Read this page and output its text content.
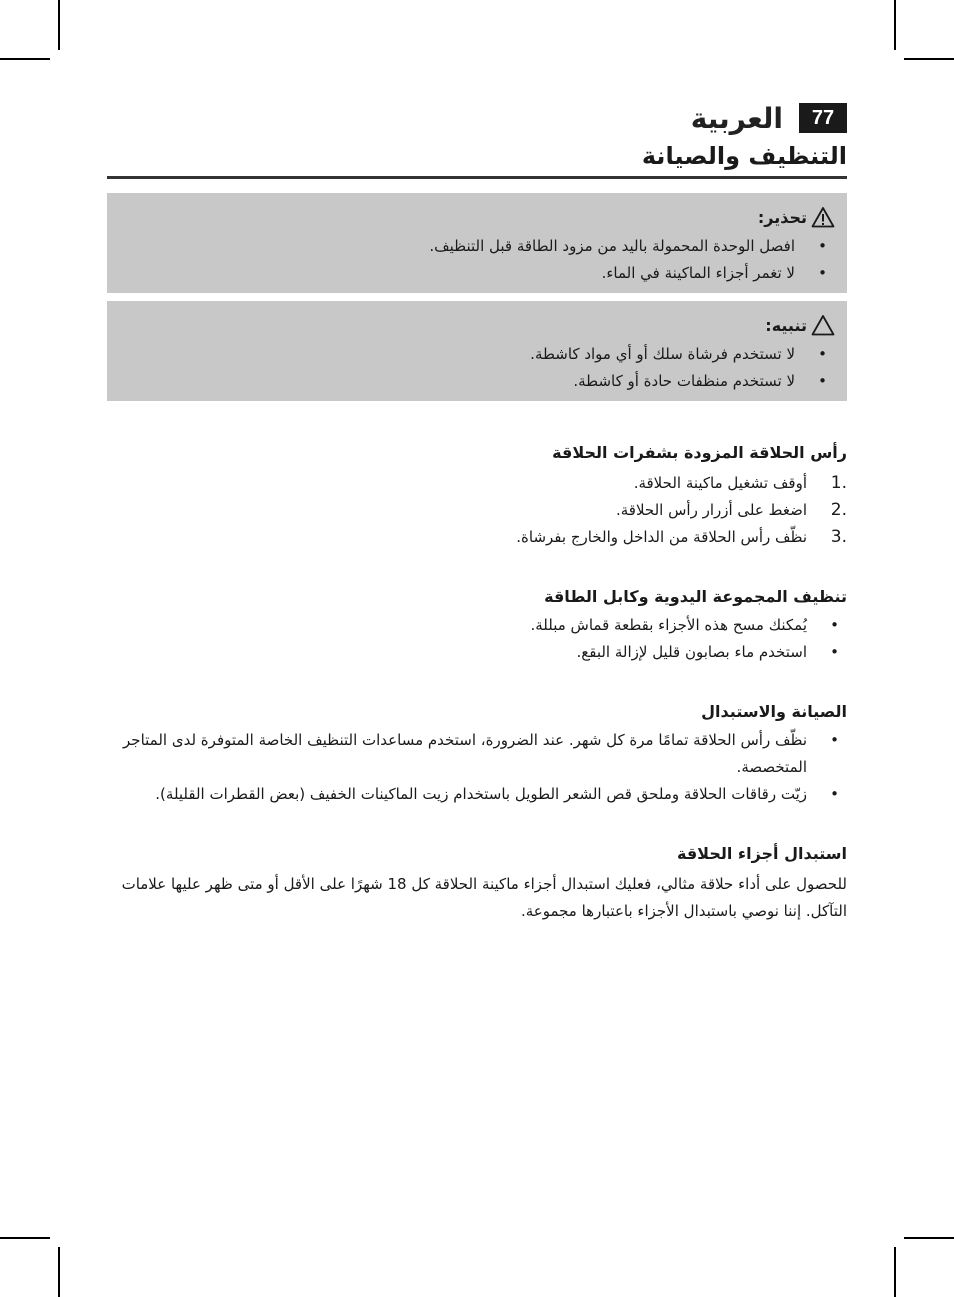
77
العربية
التنظيف والصيانة
تحذير:
•
افصل الوحدة المحمولة باليد من مزود الطاقة قبل التنظيف.
•
لا تغمر أجزاء الماكينة في الماء.
تنبيه:
•
لا تستخدم فرشاة سلك أو أي مواد كاشطة.
•
لا تستخدم منظفات حادة أو كاشطة.
رأس الحلاقة المزودة بشفرات الحلاقة
1.
أوقف تشغيل ماكينة الحلاقة.
2.
اضغط على أزرار رأس الحلاقة.
3.
نظّف رأس الحلاقة من الداخل والخارج بفرشاة.
تنظيف المجموعة اليدوية وكابل الطاقة
•
يُمكنك مسح هذه الأجزاء بقطعة قماش مبللة.
•
استخدم ماء بصابون قليل لإزالة البقع.
الصيانة والاستبدال
•
نظّف رأس الحلاقة تمامًا مرة كل شهر. عند الضرورة، استخدم مساعدات التنظيف الخاصة المتوفرة لدى المتاجر المتخصصة.
•
زيّت رقاقات الحلاقة وملحق قص الشعر الطويل باستخدام زيت الماكينات الخفيف (بعض القطرات القليلة).
استبدال أجزاء الحلاقة
للحصول على أداء حلاقة مثالي، فعليك استبدال أجزاء ماكينة الحلاقة كل 18 شهرًا على الأقل أو متى ظهر عليها علامات التآكل. إننا نوصي باستبدال الأجزاء باعتبارها مجموعة.
